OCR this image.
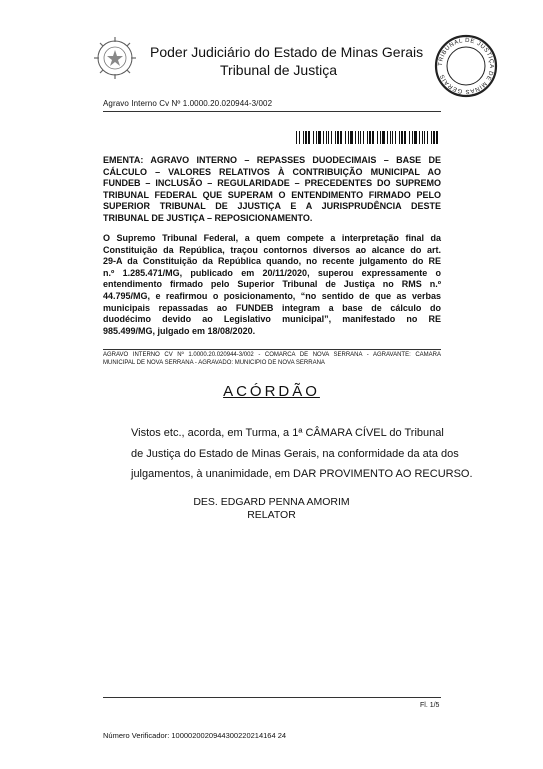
Poder Judiciário do Estado de Minas Gerais
Tribunal de Justiça	TRIBUNAL DE JUSTIÇA DE MINAS GERAIS
Agravo Interno Cv Nº 1.0000.20.020944-3/002
EMENTA: AGRAVO INTERNO – REPASSES DUODECIMAIS – BASE DE
CÁLCULO – VALORES RELATIVOS À CONTRIBUIÇÃO MUNICIPAL AO
FUNDEB – INCLUSÃO – REGULARIDADE – PRECEDENTES DO SUPREMO
TRIBUNAL FEDERAL QUE SUPERAM O ENTENDIMENTO FIRMADO PELO
SUPERIOR TRIBUNAL DE JJUSTIÇA E A JURISPRUDÊNCIA DESTE
TRIBUNAL DE JUSTIÇA – REPOSICIONAMENTO.
O Supremo Tribunal Federal, a quem compete a interpretação final da
Constituição da República, traçou contornos diversos ao alcance do art.
29-A da Constituição da República quando, no recente julgamento do RE
n.º 1.285.471/MG, publicado em 20/11/2020, superou expressamente o
entendimento firmado pelo Superior Tribunal de Justiça no RMS n.º
44.795/MG, e reafirmou o posicionamento, “no sentido de que as verbas
municipais repassadas ao FUNDEB integram a base de cálculo do
duodécimo devido ao Legislativo municipal”, manifestado no RE
985.499/MG, julgado em 18/08/2020.
AGRAVO INTERNO CV Nº 1.0000.20.020944-3/002 - COMARCA DE NOVA SERRANA - AGRAVANTE: CAMARA
MUNICIPAL DE NOVA SERRANA - AGRAVADO: MUNICIPIO DE NOVA SERRANA
ACÓRDÃO
Vistos etc., acorda, em Turma, a 1ª CÂMARA CÍVEL do Tribunal
de Justiça do Estado de Minas Gerais, na conformidade da ata dos
julgamentos, à unanimidade, em DAR PROVIMENTO AO RECURSO.
DES. EDGARD PENNA AMORIM
RELATOR
Fl. 1/5
Número Verificador: 1000020020944300220214164 24
